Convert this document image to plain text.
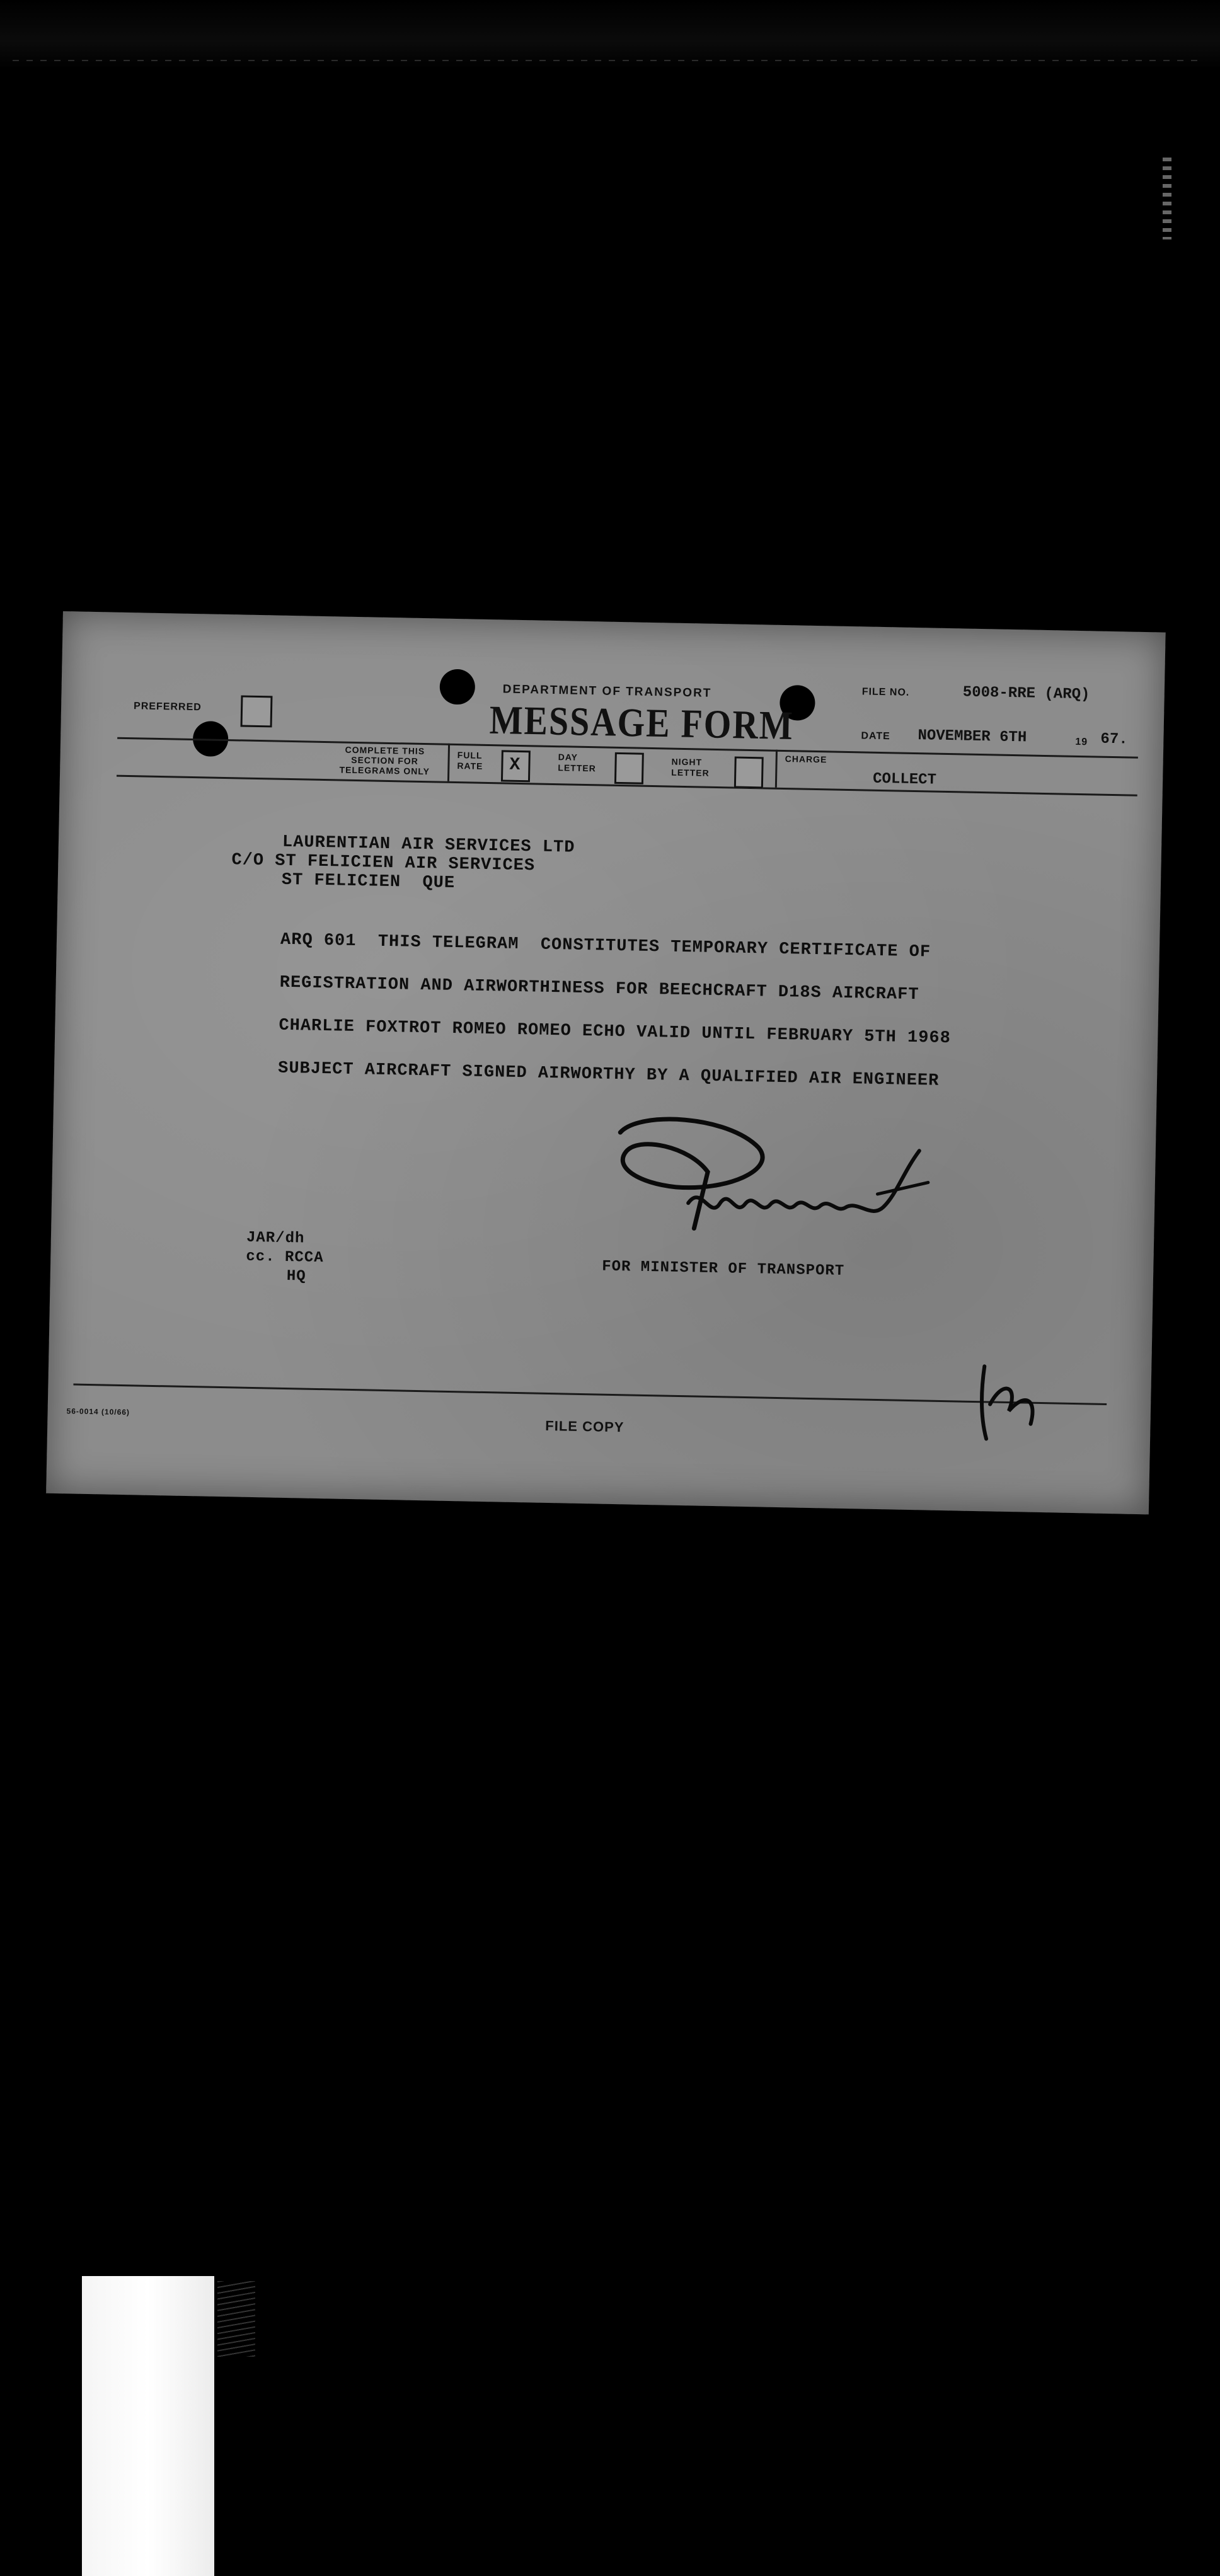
PREFERRED
DEPARTMENT OF TRANSPORT
MESSAGE FORM
FILE NO.	5008-RRE (ARQ)
DATE NOVEMBER 6TH	19 67.
COMPLETE THIS
SECTION FOR
TELEGRAMS ONLY
FULL
RATE X	DAY
LETTER
NIGHT
LETTER
CHARGE
COLLECT
LAURENTIAN AIR SERVICES LTD
C/O ST FELICIEN AIR SERVICES
ST FELICIEN  QUE
ARQ 601  THIS TELEGRAM  CONSTITUTES TEMPORARY CERTIFICATE OF
REGISTRATION AND AIRWORTHINESS FOR BEECHCRAFT D18S AIRCRAFT
CHARLIE FOXTROT ROMEO ROMEO ECHO VALID UNTIL FEBRUARY 5TH 1968
SUBJECT AIRCRAFT SIGNED AIRWORTHY BY A QUALIFIED AIR ENGINEER
FOR MINISTER OF TRANSPORT
JAR/dh
cc. RCCA
HQ
56-0014 (10/66)
FILE COPY
